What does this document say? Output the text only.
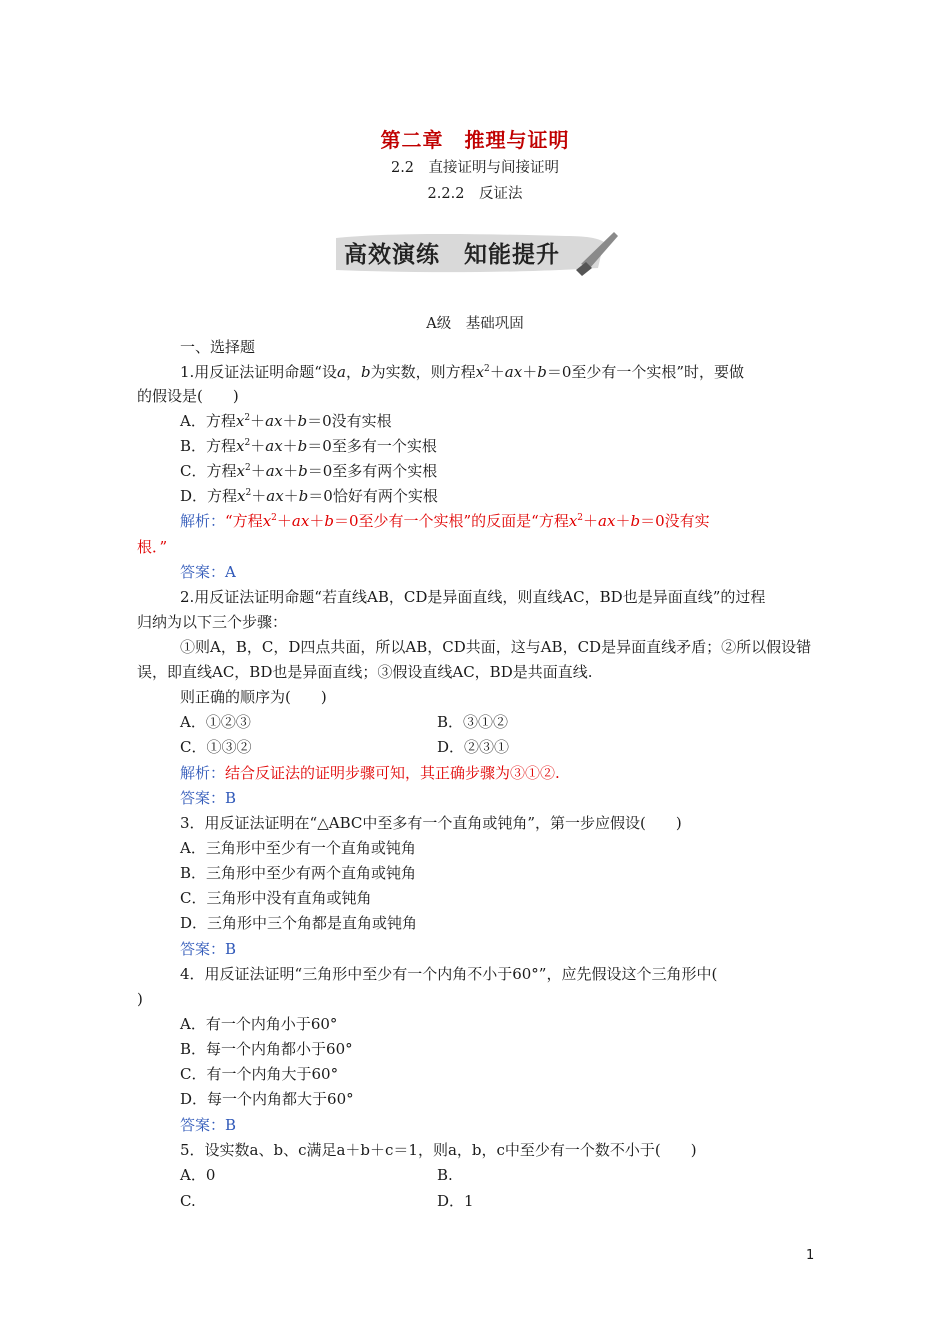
第二章　推理与证明
2.2　直接证明与间接证明
2.2.2　反证法
高效演练　知能提升
A级　基础巩固
一、选择题
1.用反证法证明命题“设a，b为实数，则方程$x^2+ax+b=0$至少有一个实根”时，要做
的假设是(　　)
A．方程$x^2+ax+b=0$没有实根
B．方程$x^2+ax+b=0$至多有一个实根
C．方程$x^2+ax+b=0$至多有两个实根
D．方程$x^2+ax+b=0$恰好有两个实根
解析：“方程$x^2+ax+b=0$至少有一个实根”的反面是“方程$x^2+ax+b=0$没有实
根．”
答案：A
2.用反证法证明命题“若直线AB，CD是异面直线，则直线AC，BD也是异面直线”的过程
归纳为以下三个步骤：
①则A，B，C，D四点共面，所以AB，CD共面，这与AB，CD是异面直线矛盾；②所以假设错
误，即直线AC，BD也是异面直线；③假设直线AC，BD是共面直线.
则正确的顺序为(　　)
A．①②③	B．③①②
C．①③②	D．②③①
解析：结合反证法的证明步骤可知，其正确步骤为③①②.
答案：B
3．用反证法证明在“△ABC中至多有一个直角或钝角”，第一步应假设(　　)
A．三角形中至少有一个直角或钝角
B．三角形中至少有两个直角或钝角
C．三角形中没有直角或钝角
D．三角形中三个角都是直角或钝角
答案：B
4．用反证法证明“三角形中至少有一个内角不小于60°”，应先假设这个三角形中(
)
A．有一个内角小于60°
B．每一个内角都小于60°
C．有一个内角大于60°
D．每一个内角都大于60°
答案：B
5．设实数a、b、c满足a＋b＋c＝1，则a，b，c中至少有一个数不小于(　　)
A．0	B.
C.	D．1
1
